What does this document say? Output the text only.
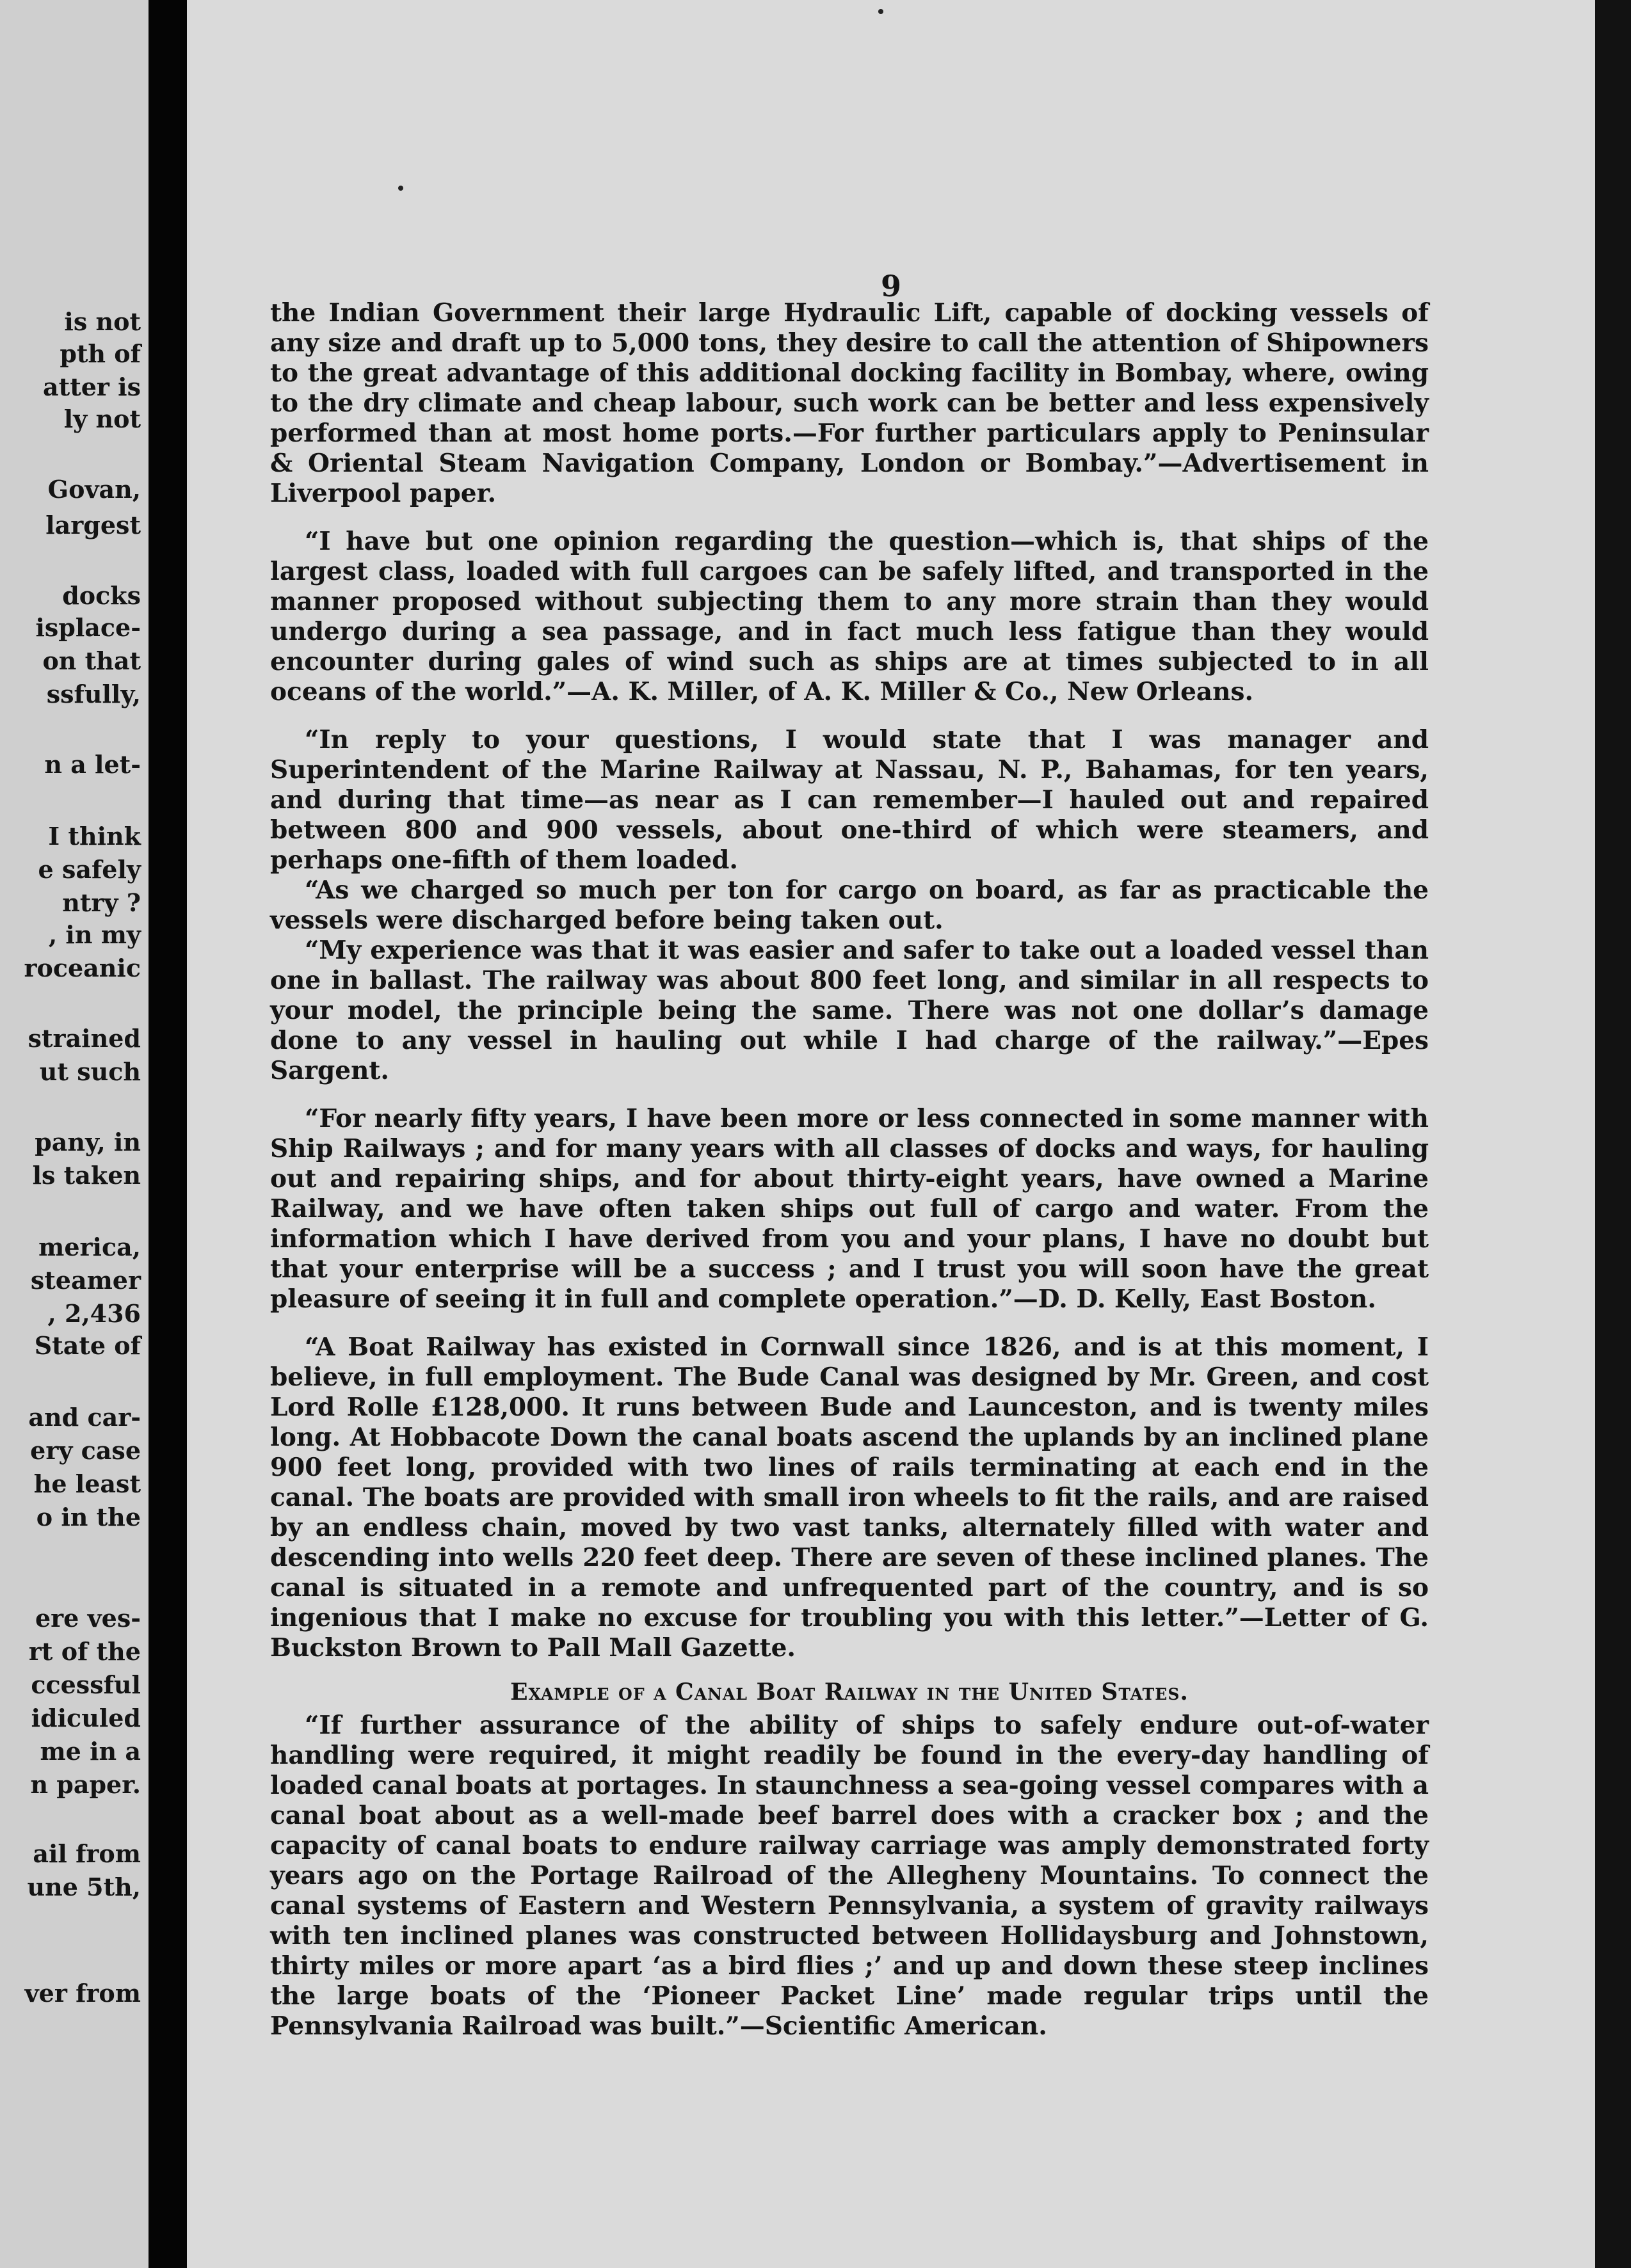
is not
pth of
atter is
ly not
Govan,
largest
docks
isplace-
on that
ssfully,
n a let-
I think
e safely
ntry ?
, in my
roceanic
strained
ut such
pany, in
ls taken
merica,
steamer
, 2,436
State of
and car-
ery case
he least
o in the
ere ves-
rt of the
ccessful
idiculed
me in a
n paper.
ail from
une 5th,
ver from
9

the Indian Government their large Hydraulic Lift, capable of docking vessels of any size and draft up to 5,000 tons, they desire to call the attention of Shipowners to the great advantage of this additional docking facility in Bombay, where, owing to the dry climate and cheap labour, such work can be better and less expensively performed than at most home ports.—For further particulars apply to Peninsular & Oriental Steam Navigation Company, London or Bombay.”—Advertisement in Liverpool paper.

“I have but one opinion regarding the question—which is, that ships of the largest class, loaded with full cargoes can be safely lifted, and transported in the manner proposed without subjecting them to any more strain than they would undergo during a sea passage, and in fact much less fatigue than they would encounter during gales of wind such as ships are at times subjected to in all oceans of the world.”—A. K. Miller, of A. K. Miller & Co., New Orleans.

“In reply to your questions, I would state that I was manager and Superintendent of the Marine Railway at Nassau, N. P., Bahamas, for ten years, and during that time—as near as I can remember—I hauled out and repaired between 800 and 900 vessels, about one-third of which were steamers, and perhaps one-fifth of them loaded.

“As we charged so much per ton for cargo on board, as far as practicable the vessels were discharged before being taken out.

“My experience was that it was easier and safer to take out a loaded vessel than one in ballast. The railway was about 800 feet long, and similar in all respects to your model, the principle being the same. There was not one dollar’s damage done to any vessel in hauling out while I had charge of the railway.”—Epes Sargent.

“For nearly fifty years, I have been more or less connected in some manner with Ship Railways ; and for many years with all classes of docks and ways, for hauling out and repairing ships, and for about thirty-eight years, have owned a Marine Railway, and we have often taken ships out full of cargo and water. From the information which I have derived from you and your plans, I have no doubt but that your enterprise will be a success ; and I trust you will soon have the great pleasure of seeing it in full and complete operation.”—D. D. Kelly, East Boston.

“A Boat Railway has existed in Cornwall since 1826, and is at this moment, I believe, in full employment. The Bude Canal was designed by Mr. Green, and cost Lord Rolle £128,000. It runs between Bude and Launceston, and is twenty miles long. At Hobbacote Down the canal boats ascend the uplands by an inclined plane 900 feet long, provided with two lines of rails terminating at each end in the canal. The boats are provided with small iron wheels to fit the rails, and are raised by an endless chain, moved by two vast tanks, alternately filled with water and descending into wells 220 feet deep. There are seven of these inclined planes. The canal is situated in a remote and unfrequented part of the country, and is so ingenious that I make no excuse for troubling you with this letter.”—Letter of G. Buckston Brown to Pall Mall Gazette.

Example of a Canal Boat Railway in the United States.

“If further assurance of the ability of ships to safely endure out-of-water handling were required, it might readily be found in the every-day handling of loaded canal boats at portages. In staunchness a sea-going vessel compares with a canal boat about as a well-made beef barrel does with a cracker box ; and the capacity of canal boats to endure railway carriage was amply demonstrated forty years ago on the Portage Railroad of the Allegheny Mountains. To connect the canal systems of Eastern and Western Pennsylvania, a system of gravity railways with ten inclined planes was constructed between Hollidaysburg and Johnstown, thirty miles or more apart ‘as a bird flies ;’ and up and down these steep inclines the large boats of the ‘Pioneer Packet Line’ made regular trips until the Pennsylvania Railroad was built.”—Scientific American.
